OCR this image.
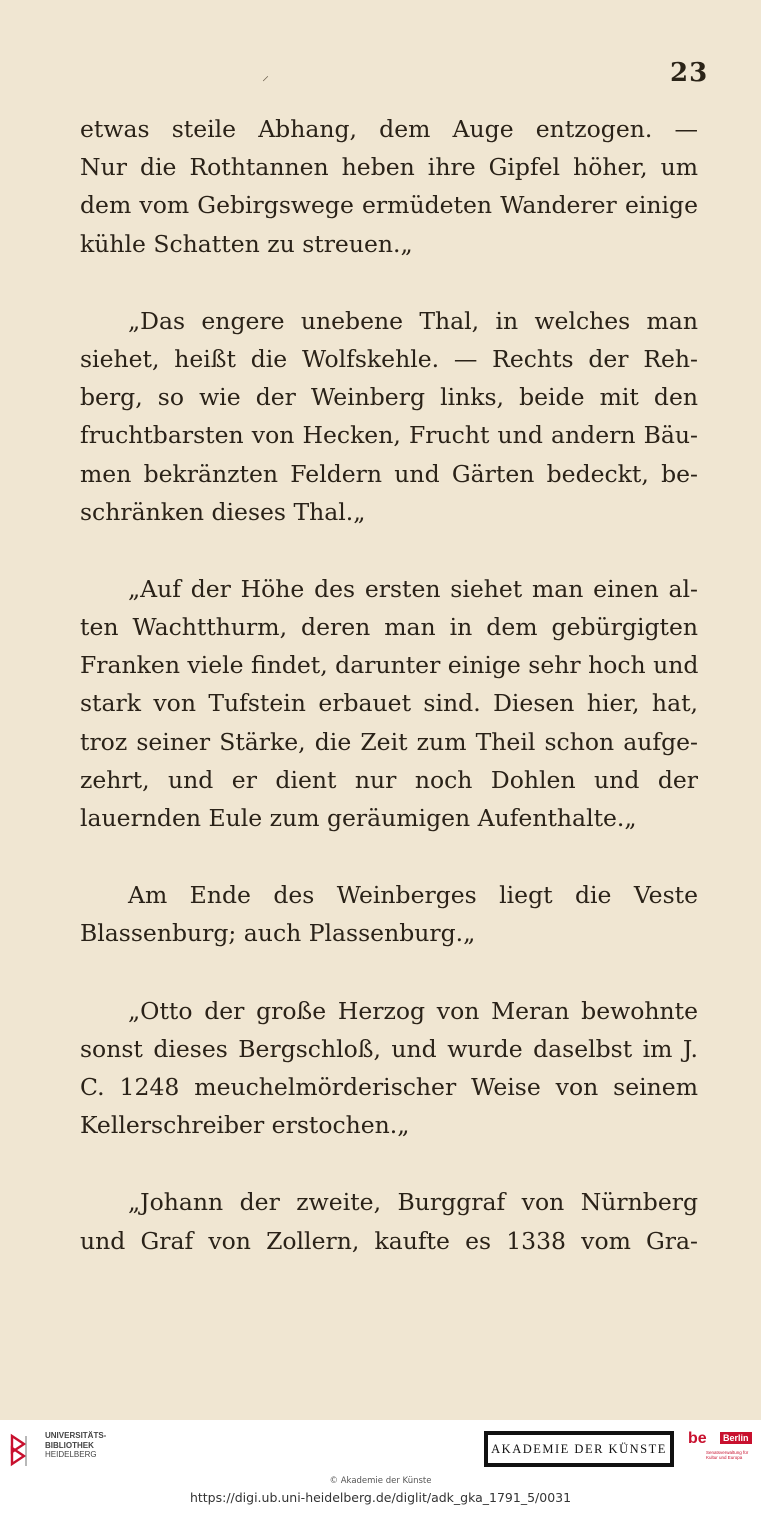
⸍	23
etwas steile Abhang, dem Auge entzogen. —
Nur die Rothtannen heben ihre Gipfel höher, um
dem vom Gebirgswege ermüdeten Wanderer einige
kühle Schatten zu streuen.„
„Das engere unebene Thal, in welches man
siehet, heißt die Wolfskehle. — Rechts der Reh‐
berg, so wie der Weinberg links, beide mit den
fruchtbarsten von Hecken, Frucht und andern Bäu‐
men bekränzten Feldern und Gärten bedeckt, be‐
schränken dieses Thal.„
„Auf der Höhe des ersten siehet man einen al‐
ten Wachtthurm, deren man in dem gebürgigten
Franken viele findet, darunter einige sehr hoch und
stark von Tufstein erbauet sind. Diesen hier, hat,
troz seiner Stärke, die Zeit zum Theil schon aufge‐
zehrt, und er dient nur noch Dohlen und der
lauernden Eule zum geräumigen Aufenthalte.„
Am Ende des Weinberges liegt die Veste
Blassenburg; auch Plassenburg.„
„Otto der große Herzog von Meran bewohnte
sonst dieses Bergschloß, und wurde daselbst im J.
C. 1248 meuchelmörderischer Weise von seinem
Kellerschreiber erstochen.„
„Johann der zweite, Burggraf von Nürnberg
und Graf von Zollern, kaufte es 1338 vom Gra‐
UNIVERSITÄTS-
BIBLIOTHEK
HEIDELBERG	AKADEMIE DER KÜNSTE
be	Berlin
Senatsverwaltung für Kultur und Europa
© Akademie der Künste
https://digi.ub.uni-heidelberg.de/diglit/adk_gka_1791_5/0031
